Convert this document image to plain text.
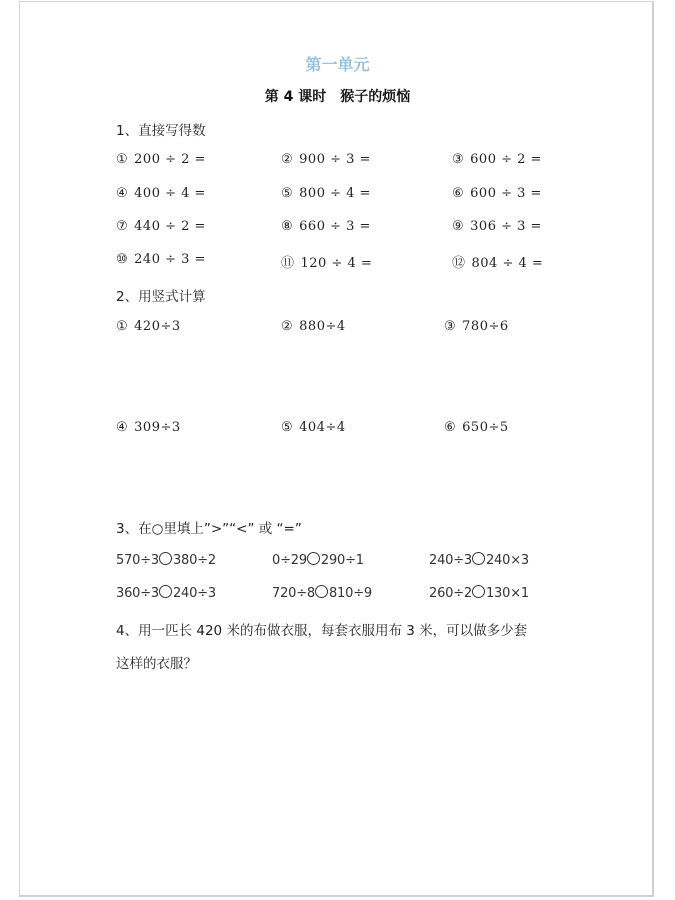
第一单元
第 4 课时　猴子的烦恼
1、直接写得数
① 200 ÷ 2 =	② 900 ÷ 3 =	③ 600 ÷ 2 =
④ 400 ÷ 4 =	⑤ 800 ÷ 4 =	⑥ 600 ÷ 3 =
⑦ 440 ÷ 2 =	⑧ 660 ÷ 3 =	⑨ 306 ÷ 3 =
⑩ 240 ÷ 3 =	⑪ 120 ÷ 4 =	⑫ 804 ÷ 4 =
2、用竖式计算
① 420÷3	② 880÷4	③ 780÷6
④ 309÷3	⑤ 404÷4	⑥ 650÷5
3、在○里填上”>”“<” 或 “=”
570÷3 380÷2	0÷29 290÷1	240÷3 240×3
360÷3 240÷3	720÷8 810÷9	260÷2 130×1
4、用一匹长 420 米的布做衣服，每套衣服用布 3 米，可以做多少套
这样的衣服？
